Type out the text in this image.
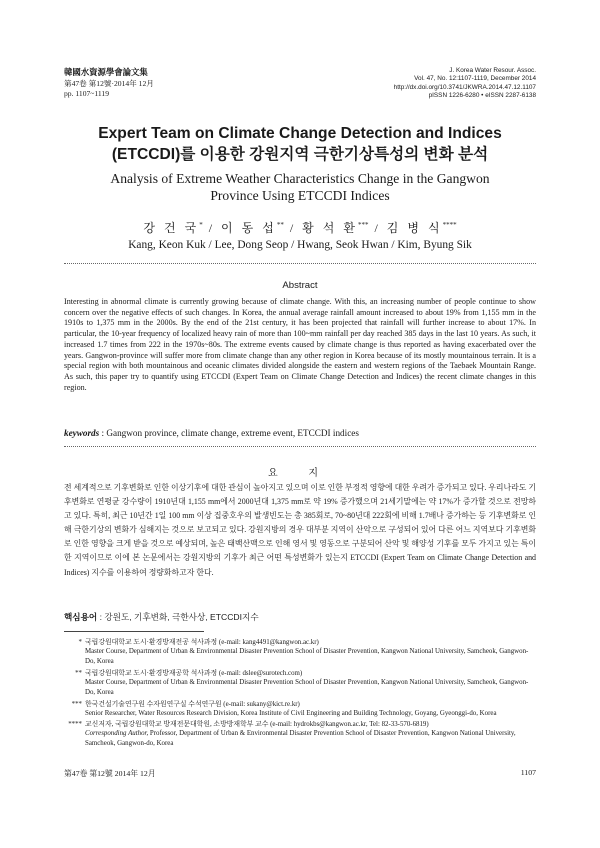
韓國水資源學會論文集
第47卷 第12號·2014年 12月
pp. 1107~1119
J. Korea Water Resour. Assoc.
Vol. 47, No. 12:1107-1119, December 2014
http://dx.doi.org/10.3741/JKWRA.2014.47.12.1107
pISSN 1226-6280 • eISSN 2287-6138
Expert Team on Climate Change Detection and Indices
(ETCCDI)를 이용한 강원지역 극한기상특성의 변화 분석
Analysis of Extreme Weather Characteristics Change in the Gangwon
Province Using ETCCDI Indices
강 건 국* / 이 동 섭** / 황 석 환*** / 김 병 식****
Kang, Keon Kuk / Lee, Dong Seop / Hwang, Seok Hwan / Kim, Byung Sik
Abstract
Interesting in abnormal climate is currently growing because of climate change. With this, an increasing number of people continue to show concern over the negative effects of such changes. In Korea, the annual average rainfall amount increased to about 19% from 1,155 mm in the 1910s to 1,375 mm in the 2000s. By the end of the 21st century, it has been projected that rainfall will further increase to about 17%. In particular, the 10-year frequency of localized heavy rain of more than 100~mm rainfall per day reached 385 days in the last 10 years. As such, it increased 1.7 times from 222 in the 1970s~80s. The extreme events caused by climate change is thus reported as having exacerbated over the years. Gangwon-province will suffer more from climate change than any other region in Korea because of its mostly mountainous terrain. It is a special region with both mountainous and oceanic climates divided alongside the eastern and western regions of the Taebaek Mountain Range. As such, this paper try to quantify using ETCCDI (Expert Team on Climate Change Detection and Indices) the recent climate changes in this region.
keywords : Gangwon province, climate change, extreme event, ETCCDI indices
요 지
전 세계적으로 기후변화로 인한 이상기후에 대한 관심이 높아지고 있으며 이로 인한 부정적 영향에 대한 우려가 증가되고 있다. 우리나라도 기후변화로 연평균 강수량이 1910년대 1,155 mm에서 2000년대 1,375 mm로 약 19% 증가했으며 21세기말에는 약 17%가 증가할 것으로 전망하고 있다. 특히, 최근 10년간 1일 100 mm 이상 집중호우의 발생빈도는 총 385회로, 70~80년대 222회에 비해 1.7배나 증가하는 등 기후변화로 인해 극한기상의 변화가 심해지는 것으로 보고되고 있다. 강원지방의 경우 대부분 지역이 산악으로 구성되어 있어 다른 어느 지역보다 기후변화로 인한 영향을 크게 받을 것으로 예상되며, 높은 태백산맥으로 인해 영서 및 영동으로 구분되어 산악 및 해양성 기후를 모두 가지고 있는 특이한 지역이므로 이에 본 논문에서는 강원지방의 기후가 최근 어떤 특성변화가 있는지 ETCCDI (Expert Team on Climate Change Detection and Indices) 지수를 이용하여 정량화하고자 한다.
핵심용어 : 강원도, 기후변화, 극한사상, ETCCDI지수
* 국립강원대학교 도시·환경방재전공 석사과정 (e-mail: kang4491@kangwon.ac.kr)
Master Course, Department of Urban & Environmental Disaster Prevention School of Disaster Prevention, Kangwon National University, Samcheok, Gangwon-Do, Korea
** 국립강원대학교 도시·환경방재공학 석사과정 (e-mail: dslee@surotech.com)
Master Course, Department of Urban & Environmental Disaster Prevention School of Disaster Prevention, Kangwon National University, Samcheok, Gangwon-Do, Korea
*** 한국건설기술연구원 수자원연구실 수석연구원 (e-mail: sukany@kict.re.kr)
Senior Researcher, Water Resources Research Division, Korea Institute of Civil Engineering and Building Technology, Goyang, Gyeonggi-do, Korea
**** 교신저자, 국립강원대학교 방재전문대학원, 소방방재학부 교수 (e-mail: hydrokbs@kangwon.ac.kr, Tel: 82-33-570-6819)
Corresponding Author, Professor, Department of Urban & Environmental Disaster Prevention School of Disaster Prevention, Kangwon National University, Samcheok, Gangwon-do, Korea
第47卷 第12號 2014年 12月	1107
